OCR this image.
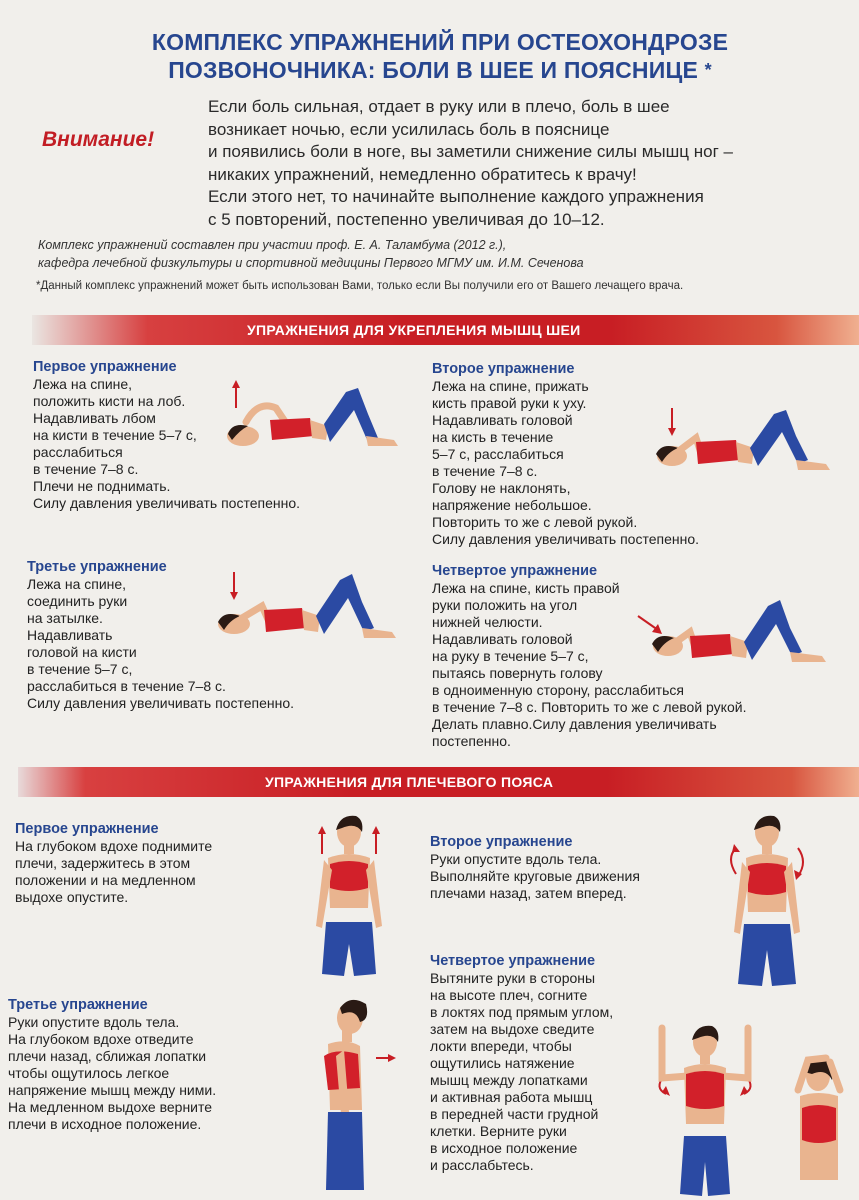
КОМПЛЕКС УПРАЖНЕНИЙ ПРИ ОСТЕОХОНДРОЗЕ
ПОЗВОНОЧНИКА: БОЛИ В ШЕЕ И ПОЯСНИЦЕ *
Внимание!
Если боль сильная, отдает в руку или в плечо, боль в шее
возникает ночью, если усилилась боль в пояснице
и появились боли в ноге, вы заметили снижение силы мышц ног –
никаких упражнений, немедленно обратитесь к врачу!
Если этого нет, то начинайте выполнение каждого упражнения
с 5 повторений, постепенно увеличивая до 10–12.
Комплекс упражнений составлен при участии проф. Е. А. Таламбума (2012 г.),
кафедра лечебной физкультуры и спортивной медицины Первого МГМУ им. И.М. Сеченова
*Данный комплекс упражнений может быть использован Вами, только если Вы получили его от Вашего лечащего врача.
УПРАЖНЕНИЯ ДЛЯ УКРЕПЛЕНИЯ МЫШЦ ШЕИ
Первое упражнение
Лежа на спине,
положить кисти на лоб.
Надавливать лбом
на кисти в течение 5–7 с,
расслабиться
в течение 7–8 с.
Плечи не поднимать.
Силу давления увеличивать постепенно.
Второе упражнение
Лежа на спине, прижать
кисть правой руки к уху.
Надавливать головой
на кисть в течение
5–7 с, расслабиться
в течение 7–8 с.
Голову не наклонять,
напряжение небольшое.
Повторить то же с левой рукой.
Силу давления увеличивать постепенно.
Третье упражнение
Лежа на спине,
соединить руки
на затылке.
Надавливать
головой на кисти
в течение 5–7 с,
расслабиться в течение 7–8 с.
Силу давления увеличивать постепенно.
Четвертое упражнение
Лежа на спине, кисть правой
руки положить на угол
нижней челюсти.
Надавливать головой
на руку в течение 5–7 с,
пытаясь повернуть голову
в одноименную сторону, расслабиться
в течение 7–8 с. Повторить то же с левой рукой.
Делать плавно.Силу давления увеличивать
постепенно.
УПРАЖНЕНИЯ ДЛЯ ПЛЕЧЕВОГО ПОЯСА
Первое упражнение
На глубоком вдохе поднимите
плечи, задержитесь в этом
положении и на медленном
выдохе опустите.
Второе упражнение
Руки опустите вдоль тела.
Выполняйте круговые движения
плечами назад, затем вперед.
Четвертое упражнение
Вытяните руки в стороны
на высоте плеч, согните
в локтях под прямым углом,
затем на выдохе сведите
локти впереди, чтобы
ощутились натяжение
мышц между лопатками
и активная работа мышц
в передней части грудной
клетки. Верните руки
в исходное положение
и расслабьтесь.
Третье упражнение
Руки опустите вдоль тела.
На глубоком вдохе отведите
плечи назад, сближая лопатки
чтобы ощутилось легкое
напряжение мышц между ними.
На медленном выдохе верните
плечи в исходное положение.
